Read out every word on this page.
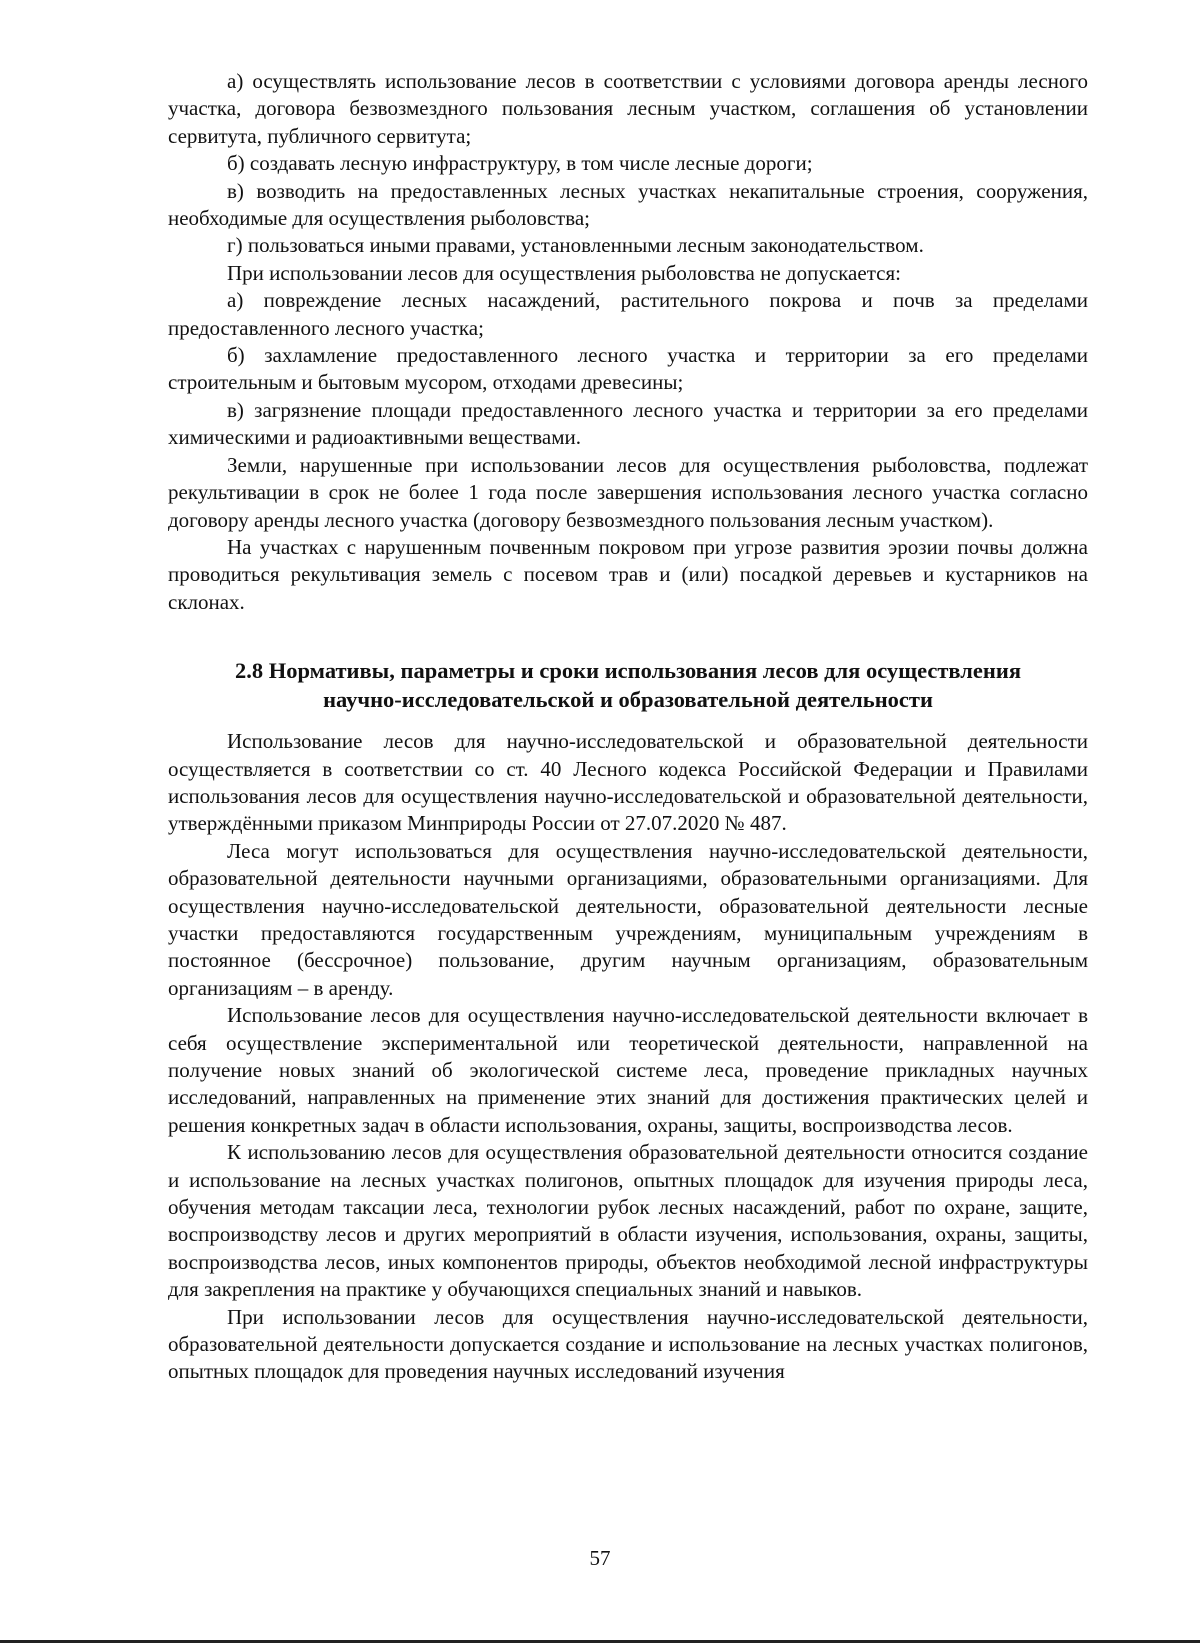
а) осуществлять использование лесов в соответствии с условиями договора аренды лесного участка, договора безвозмездного пользования лесным участком, соглашения об установлении сервитута, публичного сервитута;

б) создавать лесную инфраструктуру, в том числе лесные дороги;

в) возводить на предоставленных лесных участках некапитальные строения, сооружения, необходимые для осуществления рыболовства;

г) пользоваться иными правами, установленными лесным законодательством.

При использовании лесов для осуществления рыболовства не допускается:

а) повреждение лесных насаждений, растительного покрова и почв за пределами предоставленного лесного участка;

б) захламление предоставленного лесного участка и территории за его пределами строительным и бытовым мусором, отходами древесины;

в) загрязнение площади предоставленного лесного участка и территории за его пределами химическими и радиоактивными веществами.

Земли, нарушенные при использовании лесов для осуществления рыболовства, подлежат рекультивации в срок не более 1 года после завершения использования лесного участка согласно договору аренды лесного участка (договору безвозмездного пользования лесным участком).

На участках с нарушенным почвенным покровом при угрозе развития эрозии почвы должна проводиться рекультивация земель с посевом трав и (или) посадкой деревьев и кустарников на склонах.

2.8 Нормативы, параметры и сроки использования лесов для осуществления
научно-исследовательской и образовательной деятельности

Использование лесов для научно-исследовательской и образовательной деятельности осуществляется в соответствии со ст. 40 Лесного кодекса Российской Федерации и Правилами использования лесов для осуществления научно-исследовательской и образовательной деятельности, утверждёнными приказом Минприроды России от 27.07.2020 № 487.

Леса могут использоваться для осуществления научно-исследовательской деятельности, образовательной деятельности научными организациями, образовательными организациями. Для осуществления научно-исследовательской деятельности, образовательной деятельности лесные участки предоставляются государственным учреждениям, муниципальным учреждениям в постоянное (бессрочное) пользование, другим научным организациям, образовательным организациям – в аренду.

Использование лесов для осуществления научно-исследовательской деятельности включает в себя осуществление экспериментальной или теоретической деятельности, направленной на получение новых знаний об экологической системе леса, проведение прикладных научных исследований, направленных на применение этих знаний для достижения практических целей и решения конкретных задач в области использования, охраны, защиты, воспроизводства лесов.

К использованию лесов для осуществления образовательной деятельности относится создание и использование на лесных участках полигонов, опытных площадок для изучения природы леса, обучения методам таксации леса, технологии рубок лесных насаждений, работ по охране, защите, воспроизводству лесов и других мероприятий в области изучения, использования, охраны, защиты, воспроизводства лесов, иных компонентов природы, объектов необходимой лесной инфраструктуры для закрепления на практике у обучающихся специальных знаний и навыков.

При использовании лесов для осуществления научно-исследовательской деятельности, образовательной деятельности допускается создание и использование на лесных участках полигонов, опытных площадок для проведения научных исследований изучения

57
